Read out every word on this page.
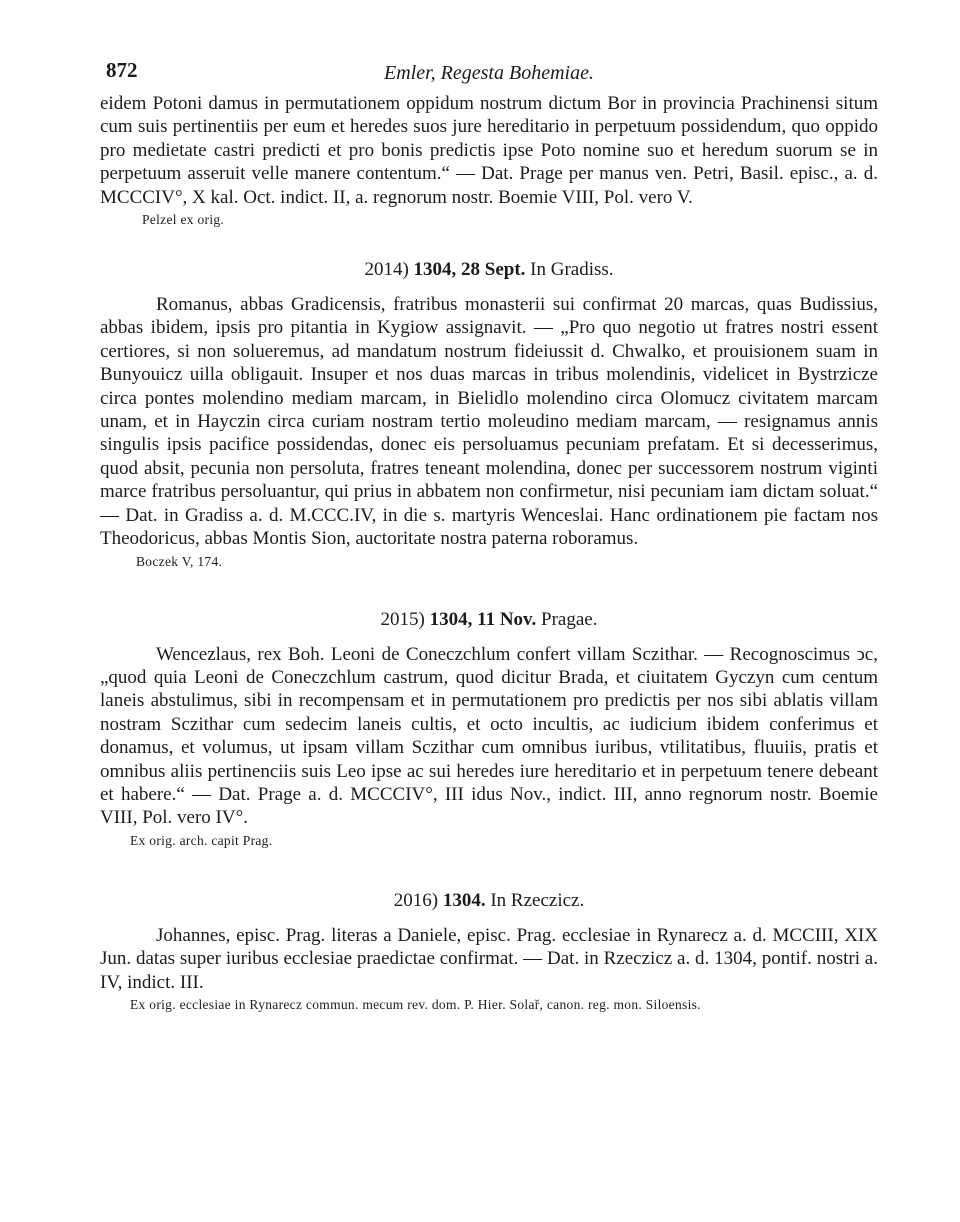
872	Emler, Regesta Bohemiae.

eidem Potoni damus in permutationem oppidum nostrum dictum Bor in provincia Prachinensi situm cum suis pertinentiis per eum et heredes suos jure hereditario in perpetuum possidendum, quo oppido pro medietate castri predicti et pro bonis predictis ipse Poto nomine suo et heredum suorum se in perpetuum asseruit velle manere contentum.“ — Dat. Prage per manus ven. Petri, Basil. episc., a. d. MCCCIV°, X kal. Oct. indict. II, a. regnorum nostr. Boemie VIII, Pol. vero V.

Pelzel ex orig.

2014) 1304, 28 Sept. In Gradiss.

Romanus, abbas Gradicensis, fratribus monasterii sui confirmat 20 marcas, quas Budissius, abbas ibidem, ipsis pro pitantia in Kygiow assignavit. — „Pro quo negotio ut fratres nostri essent certiores, si non solueremus, ad mandatum nostrum fideiussit d. Chwalko, et prouisionem suam in Bunyouicz uilla obligauit. Insuper et nos duas marcas in tribus molendinis, videlicet in Bystrzicze circa pontes molendino mediam marcam, in Bielidlo molendino circa Olomucz civitatem marcam unam, et in Hayczin circa curiam nostram tertio moleudino mediam marcam, — resignamus annis singulis ipsis pacifice possidendas, donec eis persoluamus pecuniam prefatam. Et si decesserimus, quod absit, pecunia non persoluta, fratres teneant molendina, donec per successorem nostrum viginti marce fratribus persoluantur, qui prius in abbatem non confirmetur, nisi pecuniam iam dictam soluat.“ — Dat. in Gradiss a. d. M.CCC.IV, in die s. martyris Wenceslai. Hanc ordinationem pie factam nos Theodoricus, abbas Montis Sion, auctoritate nostra paterna roboramus.

Boczek V, 174.

2015) 1304, 11 Nov. Pragae.

Wencezlaus, rex Boh. Leoni de Coneczchlum confert villam Sczithar. — Recognoscimus ↄc, „quod quia Leoni de Coneczchlum castrum, quod dicitur Brada, et ciuitatem Gyczyn cum centum laneis abstulimus, sibi in recompensam et in permutationem pro predictis per nos sibi ablatis villam nostram Sczithar cum sedecim laneis cultis, et octo incultis, ac iudicium ibidem conferimus et donamus, et volumus, ut ipsam villam Sczithar cum omnibus iuribus, vtilitatibus, fluuiis, pratis et omnibus aliis pertinenciis suis Leo ipse ac sui heredes iure hereditario et in perpetuum tenere debeant et habere.“ — Dat. Prage a. d. MCCCIV°, III idus Nov., indict. III, anno regnorum nostr. Boemie VIII, Pol. vero IV°.

Ex orig. arch. capit Prag.

2016) 1304. In Rzeczicz.

Johannes, episc. Prag. literas a Daniele, episc. Prag. ecclesiae in Rynarecz a. d. MCCIII, XIX Jun. datas super iuribus ecclesiae praedictae confirmat. — Dat. in Rzeczicz a. d. 1304, pontif. nostri a. IV, indict. III.

Ex orig. ecclesiae in Rynarecz commun. mecum rev. dom. P. Hier. Solař, canon. reg. mon. Siloensis.
